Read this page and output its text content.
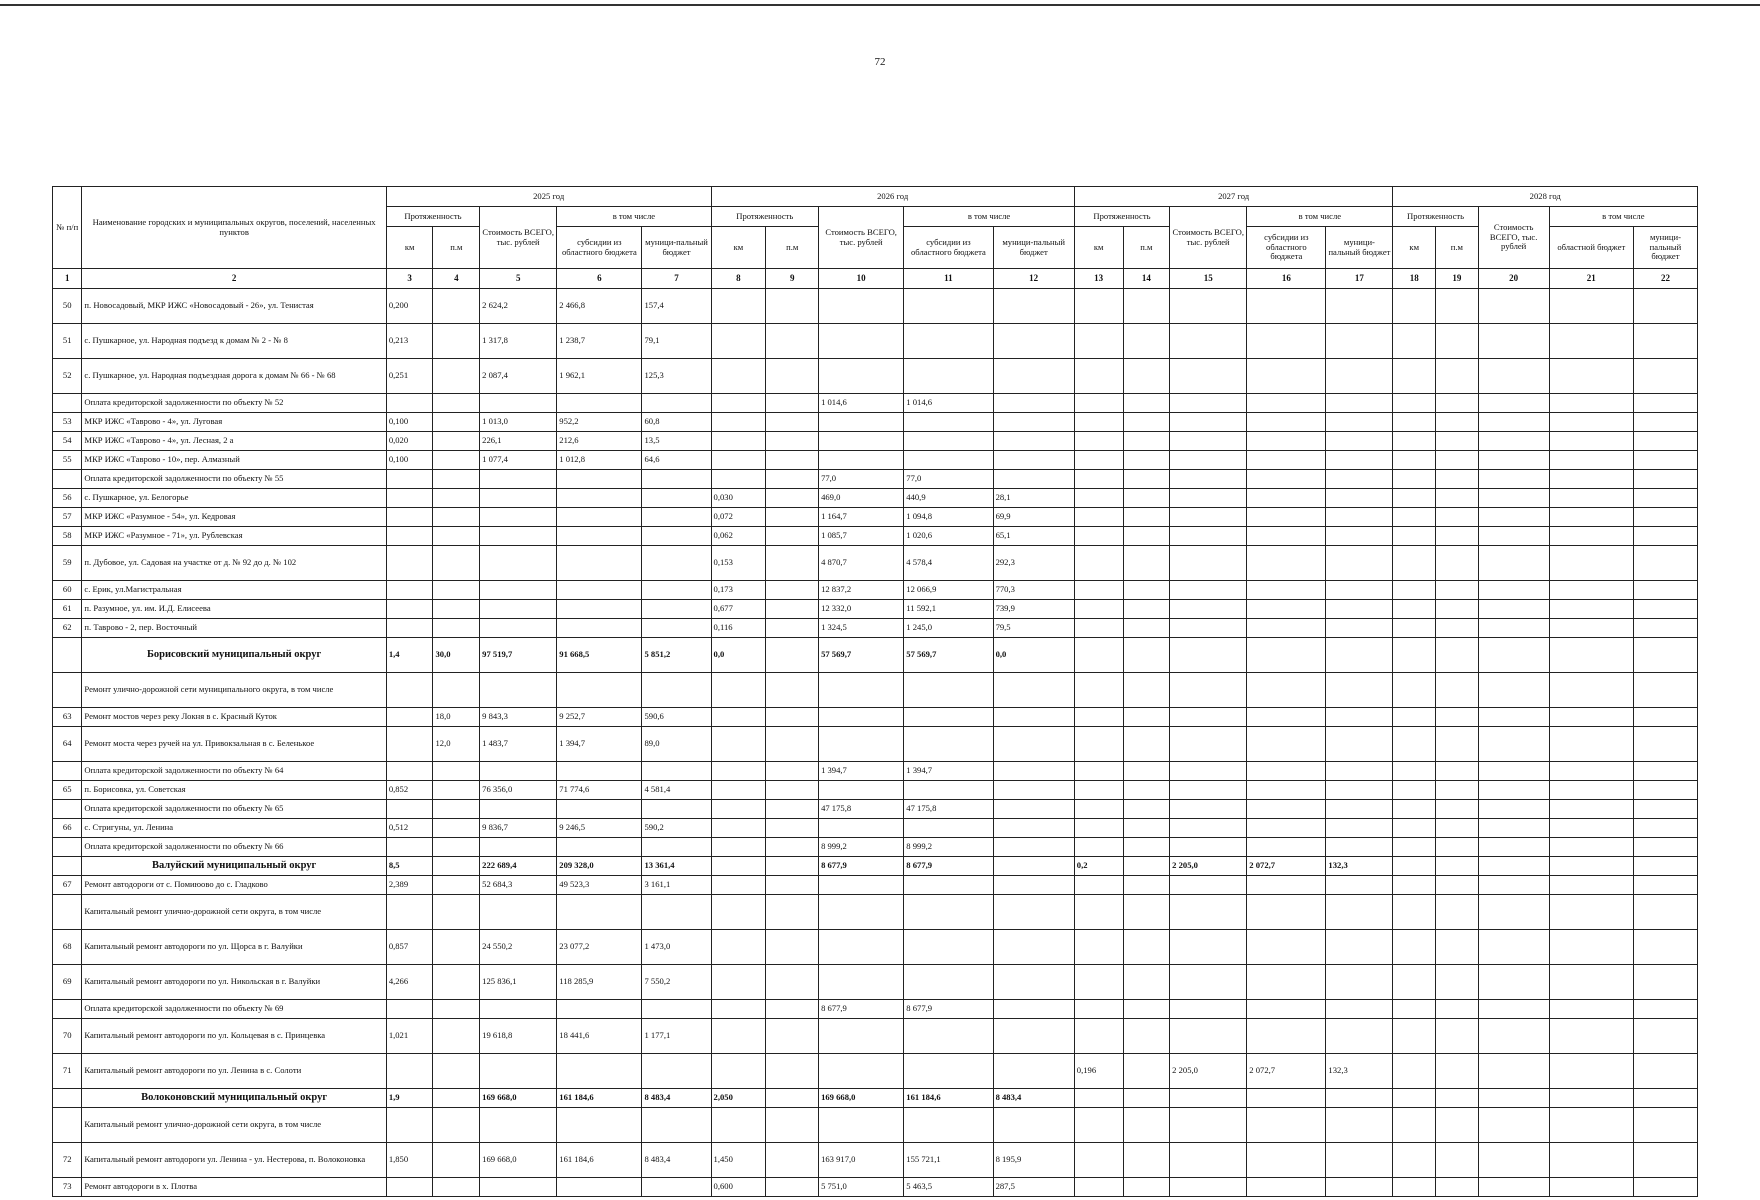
72
№ п/п	Наименование городских и муниципальных округов, поселений, населенных пунктов	2025 год					2026 год					2027 год					2028 год				
		Протяженность		Стоимость ВСЕГО, тыс. рублей	в том числе		Протяженность		Стоимость ВСЕГО, тыс. рублей	в том числе		Протяженность		Стоимость ВСЕГО, тыс. рублей	в том числе		Протяженность		Стоимость ВСЕГО, тыс. рублей	в том числе	
		км	п.м		субсидии из областного бюджета	муници-пальный бюджет	км	п.м		субсидии из областного бюджета	муници-пальный бюджет	км	п.м		субсидии из областного бюджета	муници-пальный бюджет	км	п.м		областной бюджет	муници-пальный бюджет
1	2	3	4	5	6	7	8	9	10	11	12	13	14	15	16	17	18	19	20	21	22
50	п. Новосадовый, МКР ИЖС «Новосадовый - 26», ул. Тенистая	0,200		2 624,2	2 466,8	157,4															
51	с. Пушкарное, ул. Народная подъезд к домам № 2 - № 8	0,213		1 317,8	1 238,7	79,1															
52	с. Пушкарное, ул. Народная подъездная дорога к домам № 66 - № 68	0,251		2 087,4	1 962,1	125,3															
	Оплата кредиторской задолженности по объекту № 52								1 014,6	1 014,6											
53	МКР ИЖС «Таврово - 4», ул. Луговая	0,100		1 013,0	952,2	60,8															
54	МКР ИЖС «Таврово - 4», ул. Лесная, 2 а	0,020		226,1	212,6	13,5															
55	МКР ИЖС «Таврово - 10», пер. Алмазный	0,100		1 077,4	1 012,8	64,6															
	Оплата кредиторской задолженности по объекту № 55								77,0	77,0											
56	с. Пушкарное, ул. Белогорье						0,030		469,0	440,9	28,1										
57	МКР ИЖС «Разумное - 54», ул. Кедровая						0,072		1 164,7	1 094,8	69,9										
58	МКР ИЖС «Разумное - 71», ул. Рублевская						0,062		1 085,7	1 020,6	65,1										
59	п. Дубовое, ул. Садовая на участке от д. № 92 до д. № 102						0,153		4 870,7	4 578,4	292,3										
60	с. Ерик, ул.Магистральная						0,173		12 837,2	12 066,9	770,3										
61	п. Разумное, ул. им. И.Д. Елисеева						0,677		12 332,0	11 592,1	739,9										
62	п. Таврово - 2, пер. Восточный						0,116		1 324,5	1 245,0	79,5										
	Борисовский муниципальный округ	1,4	30,0	97 519,7	91 668,5	5 851,2	0,0		57 569,7	57 569,7	0,0										
	Ремонт улично-дорожной сети муниципального округа, в том числе																				
63	Ремонт мостов через реку Локня в с. Красный Куток		18,0	9 843,3	9 252,7	590,6															
64	Ремонт моста через ручей на ул. Привокзальная в с. Беленькое		12,0	1 483,7	1 394,7	89,0															
	Оплата кредиторской задолженности по объекту № 64								1 394,7	1 394,7											
65	п. Борисовка, ул. Советская	0,852		76 356,0	71 774,6	4 581,4															
	Оплата кредиторской задолженности по объекту № 65								47 175,8	47 175,8											
66	с. Стригуны, ул. Ленина	0,512		9 836,7	9 246,5	590,2															
	Оплата кредиторской задолженности по объекту № 66								8 999,2	8 999,2											
	Валуйский муниципальный округ	8,5		222 689,4	209 328,0	13 361,4			8 677,9	8 677,9		0,2		2 205,0	2 072,7	132,3					
67	Ремонт автодороги от с. Помиюово до с. Гладково	2,389		52 684,3	49 523,3	3 161,1															
	Капитальный ремонт улично-дорожной сети округа, в том числе																				
68	Капитальный ремонт автодороги по ул. Щорса в г. Валуйки	0,857		24 550,2	23 077,2	1 473,0															
69	Капитальный ремонт автодороги по ул. Никольская в г. Валуйки	4,266		125 836,1	118 285,9	7 550,2															
	Оплата кредиторской задолженности по объекту № 69								8 677,9	8 677,9											
70	Капитальный ремонт автодороги по ул. Кольцевая в с. Принцевка	1,021		19 618,8	18 441,6	1 177,1															
71	Капитальный ремонт автодороги по ул. Ленина в с. Солоти											0,196		2 205,0	2 072,7	132,3					
	Волоконовский муниципальный округ	1,9		169 668,0	161 184,6	8 483,4	2,050		169 668,0	161 184,6	8 483,4										
	Капитальный ремонт улично-дорожной сети округа, в том числе																				
72	Капитальный ремонт автодороги ул. Ленина - ул. Нестерова, п. Волоконовка	1,850		169 668,0	161 184,6	8 483,4	1,450		163 917,0	155 721,1	8 195,9										
73	Ремонт автодороги в х. Плотва						0,600		5 751,0	5 463,5	287,5										
